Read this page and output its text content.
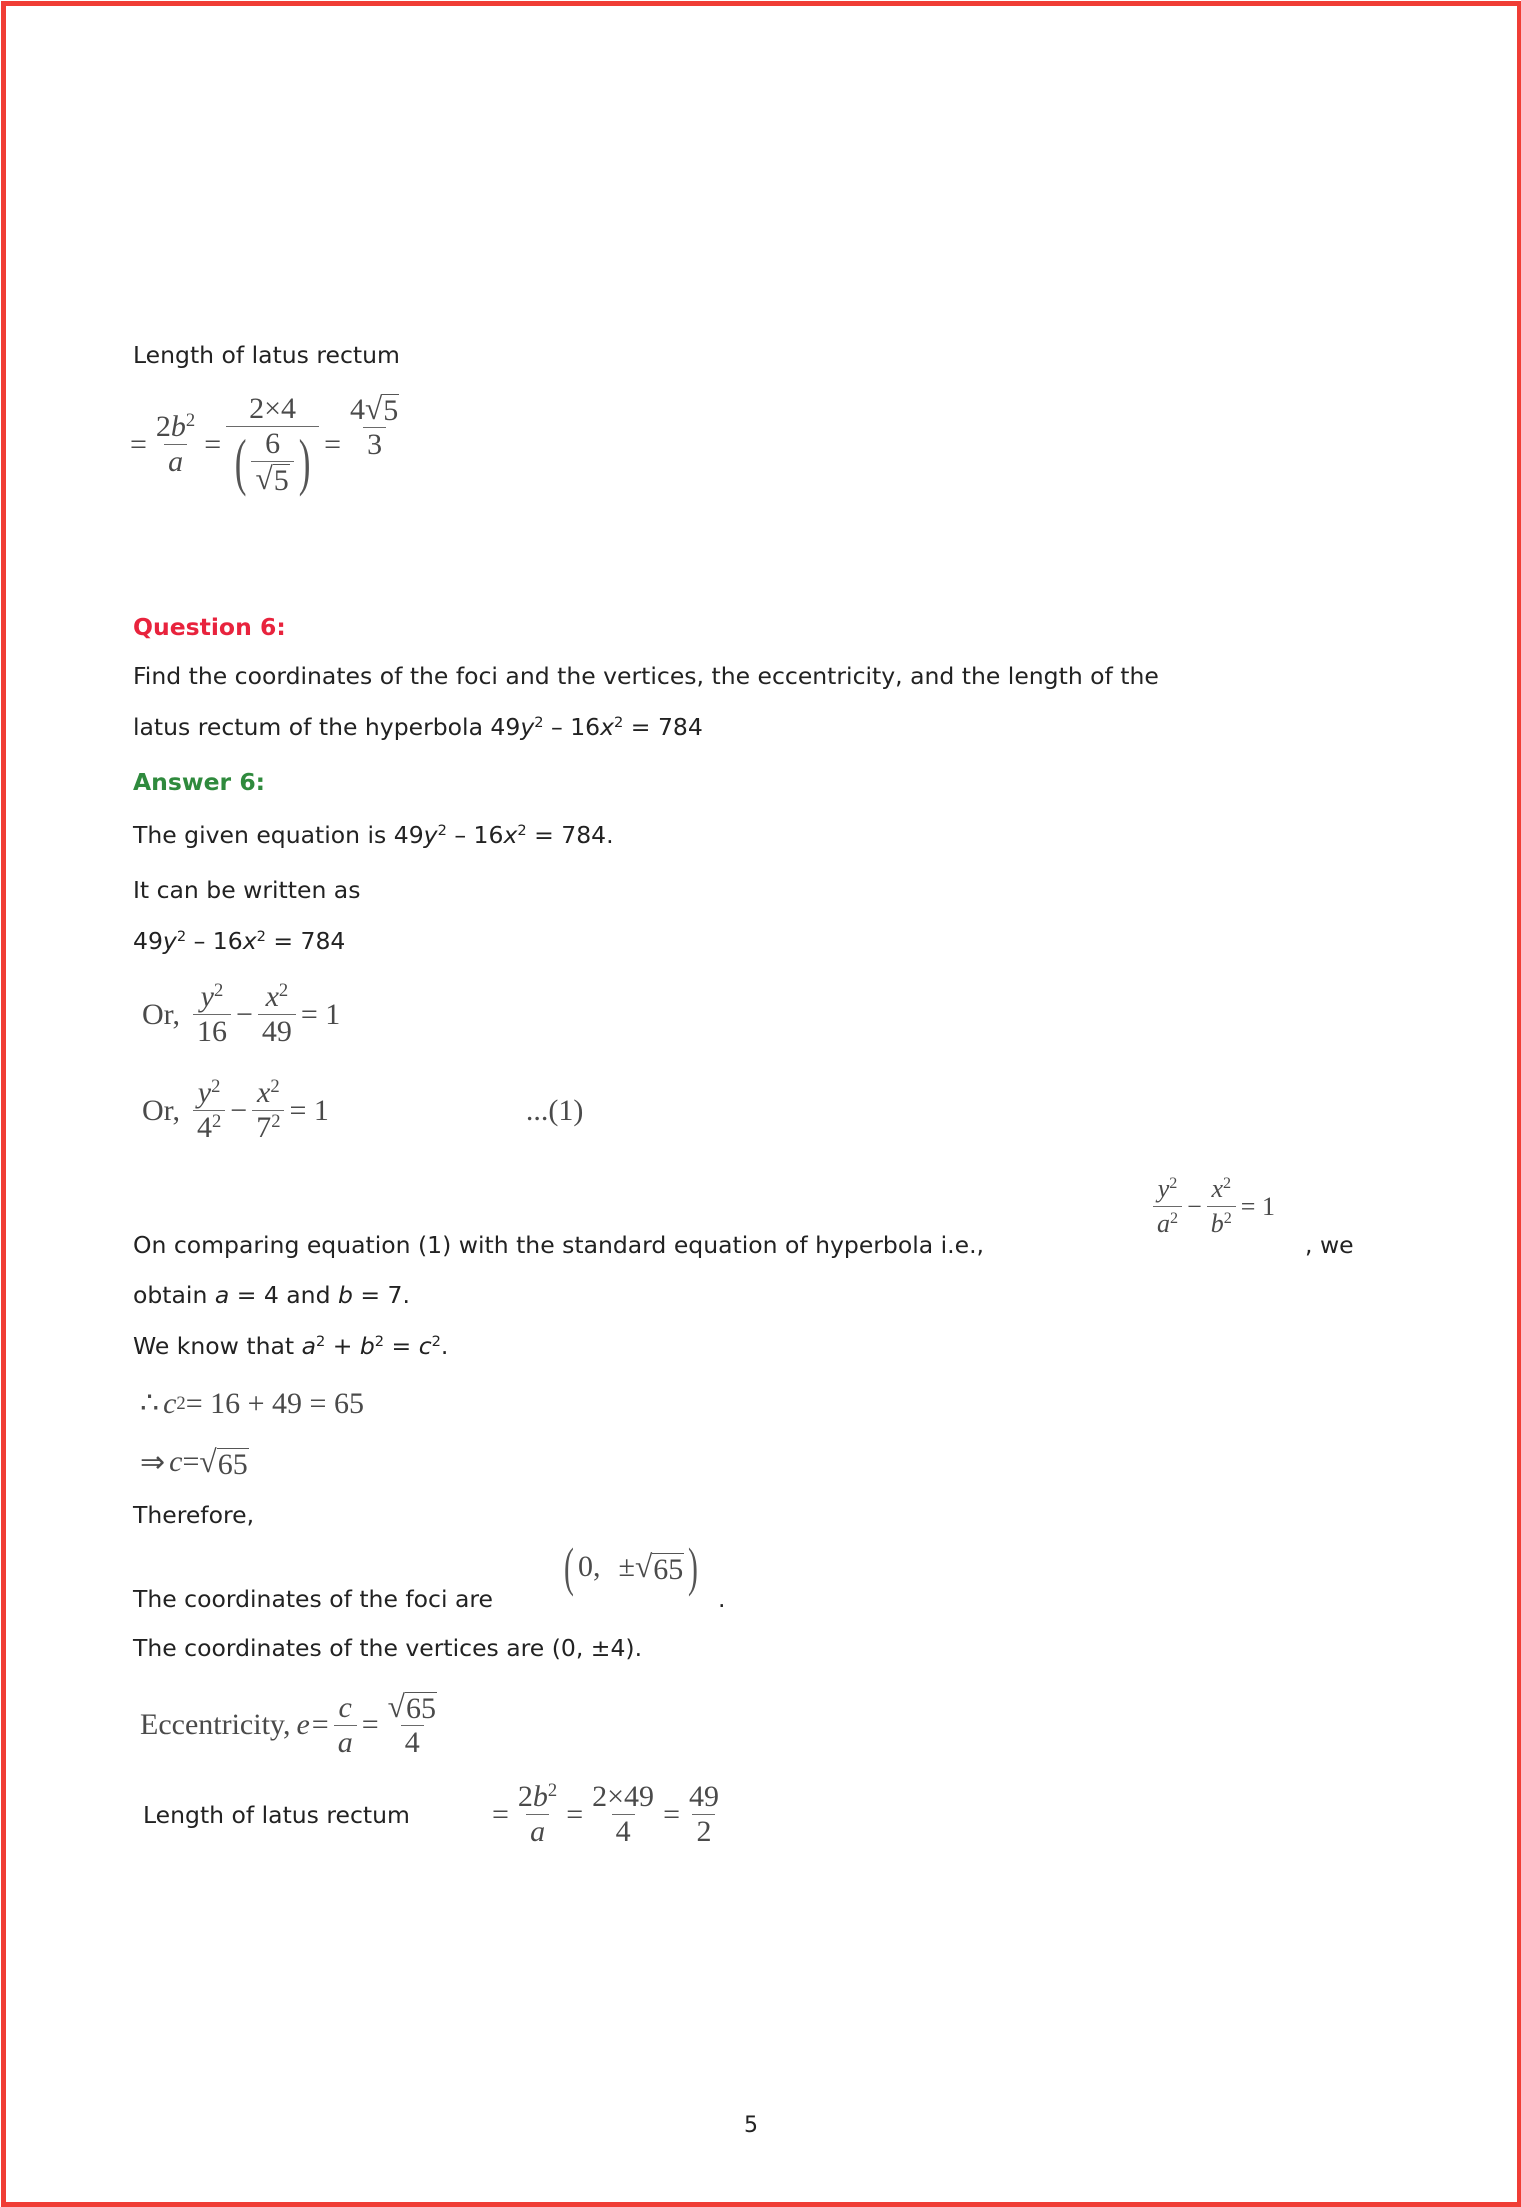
Length of latus rectum
= $\frac{2b^2}{a} = \frac{2\times 4}{( \frac{6}{√ 5} )} = \frac{4 √ 5}{3}$
Question 6:
Find the coordinates of the foci and the vertices, the eccentricity, and the length of the
latus rectum of the hyperbola $49y^2 - 16x^2 = 784$
Answer 6:
The given equation is $49y^2 - 16x^2 = 784$.
It can be written as
$49y^2 - 16x^2 = 784$
Or, $\frac{y^2}{16} - \frac{x^2}{49} = 1$
Or, $\frac{y^2}{4^2} - \frac{x^2}{7^2} = 1$	...(1)
On comparing equation (1) with the standard equation of hyperbola i.e.,
$\frac{y^2}{a^2} - \frac{x^2}{b^2} = 1$
, we
obtain a = 4 and b = 7.
We know that $a^2 + b^2 = c^2$.
∴ c 2 = 16 + 49 = 65
⇒ c = √ 65
Therefore,
The coordinates of the foci are
( 0, ± √ 65 )
.
The coordinates of the vertices are (0, ±4).
Eccentricity, $e = \frac{c}{a} = \frac{√ 65}{4}$
Length of latus rectum	= $\frac{2b^2}{a} = \frac{2\times 49}{4} = \frac{49}{2}$
5
